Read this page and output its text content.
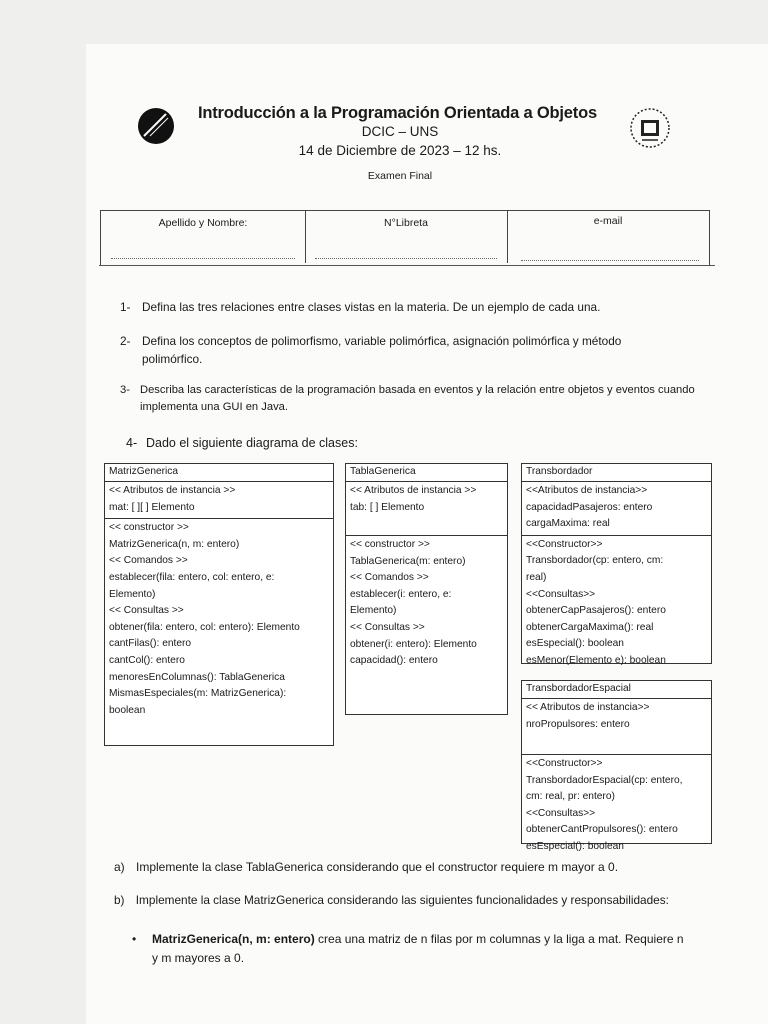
Introducción a la Programación Orientada a Objetos
DCIC – UNS
14 de Diciembre de 2023 – 12 hs.
Examen Final
Apellido y Nombre:	N°Libreta	e-mail
1- Defina las tres relaciones entre clases vistas en la materia. De un ejemplo de cada una.
2- Defina los conceptos de polimorfismo, variable polimórfica, asignación polimórfica y método
polimórfico.
3- Describa las características de la programación basada en eventos y la relación entre objetos y eventos cuando
implementa una GUI en Java.
4- Dado el siguiente diagrama de clases:
MatrizGenerica
<< Atributos de instancia >>
mat: [ ][ ] Elemento
<< constructor >>
MatrizGenerica(n, m: entero)
<< Comandos >>
establecer(fila: entero, col: entero, e:
Elemento)
<< Consultas >>
obtener(fila: entero, col: entero): Elemento
cantFilas(): entero
cantCol(): entero
menoresEnColumnas(): TablaGenerica
MismasEspeciales(m: MatrizGenerica):
boolean
TablaGenerica
<< Atributos de instancia >>
tab: [ ] Elemento
<< constructor >>
TablaGenerica(m: entero)
<< Comandos >>
establecer(i: entero, e:
Elemento)
<< Consultas >>
obtener(i: entero): Elemento
capacidad(): entero
Transbordador
<<Atributos de instancia>>
capacidadPasajeros: entero
cargaMaxima: real
<<Constructor>>
Transbordador(cp: entero, cm:
real)
<<Consultas>>
obtenerCapPasajeros(): entero
obtenerCargaMaxima(): real
esEspecial(): boolean
esMenor(Elemento e): boolean
TransbordadorEspacial
<< Atributos de instancia>>
nroPropulsores: entero
<<Constructor>>
TransbordadorEspacial(cp: entero,
cm: real, pr: entero)
<<Consultas>>
obtenerCantPropulsores(): entero
esEspecial(): boolean
a) Implemente la clase TablaGenerica considerando que el constructor requiere m mayor a 0.
b) Implemente la clase MatrizGenerica considerando las siguientes funcionalidades y responsabilidades:
• MatrizGenerica(n, m: entero) crea una matriz de n filas por m columnas y la liga a mat. Requiere n
y m mayores a 0.
